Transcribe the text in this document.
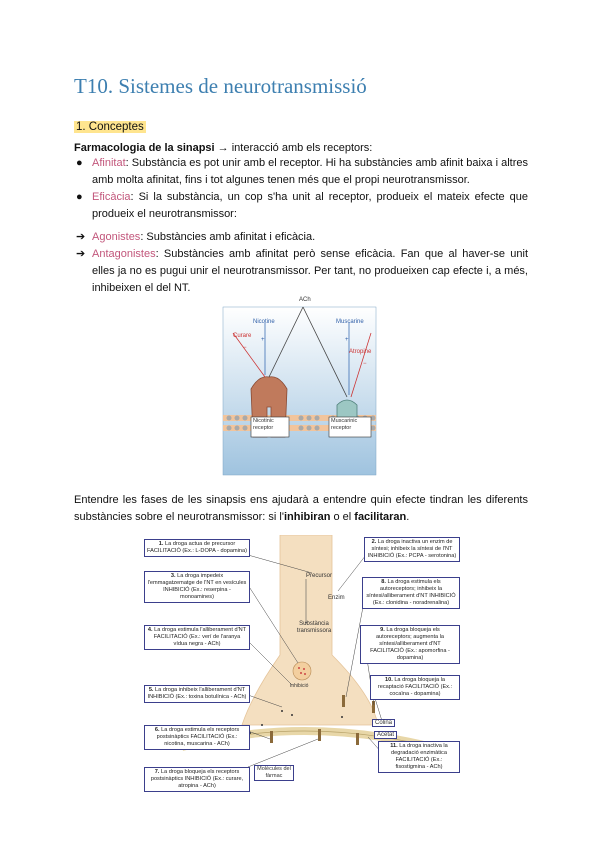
T10. Sistemes de neurotransmissió
1. Conceptes
Farmacologia de la sinapsi → interacció amb els receptors:
● Afinitat: Substància es pot unir amb el receptor. Hi ha substàncies amb afinit baixa i altres amb molta afinitat, fins i tot algunes tenen més que el propi neurotransmissor.
● Eficàcia: Si la substància, un cop s'ha unit al receptor, produeix el mateix efecte que produeix el neurotransmissor:
➔ Agonistes: Substàncies amb afinitat i eficàcia.
➔ Antagonistes: Substàncies amb afinitat però sense eficàcia. Fan que al haver-se unit elles ja no es pugui unir el neurotransmissor. Per tant, no produeixen cap efecte i, a més, inhibeixen el del NT.
ACh
Nicotine	Muscarine
Curare
Atropine
+	+
−
−
Nicotinic receptor
Muscarinic receptor
Entendre les fases de les sinapsis ens ajudarà a entendre quin efecte tindran les diferents substàncies sobre el neurotransmissor: si l'inhibiran o el facilitaran.
1. La droga actua de precursor FACILITACIÓ (Ex.: L-DOPA - dopamina)
2. La droga inactiva un enzim de síntesi; inhibeix la síntesi de l'NT INHIBICIÓ (Ex.: PCPA - serotonina)
3. La droga impedeix l'emmagatzematge de l'NT en vesícules INHIBICIÓ (Ex.: reserpina - monoamines)
8. La droga estimula els autoreceptors; inhibeix la síntesi/alliberament d'NT INHIBICIÓ (Ex.: clonidina - noradrenalina)
4. La droga estimula l'alliberament d'NT FACILITACIÓ (Ex.: verí de l'aranya vídua negra - ACh)
9. La droga bloqueja els autoreceptors; augmenta la síntesi/alliberament d'NT FACILITACIÓ (Ex.: apomorfina - dopamina)
5. La droga inhibeix l'alliberament d'NT INHIBICIÓ (Ex.: toxina botulínica - ACh)
10. La droga bloqueja la recaptació FACILITACIÓ (Ex.: cocaïna - dopamina)
6. La droga estimula els receptors postsinàptics FACILITACIÓ (Ex.: nicotina, muscarina - ACh)	11. La droga inactiva la degradació enzimàtica FACILITACIÓ (Ex.: fisostigmina - ACh)
7. La droga bloqueja els receptors postsinàptics INHIBICIÓ (Ex.: curare, atropina - ACh)
Precursor
Enzim
Substància transmissora
Inhibició
Colina
Acetat
Molècules del fàrmac
